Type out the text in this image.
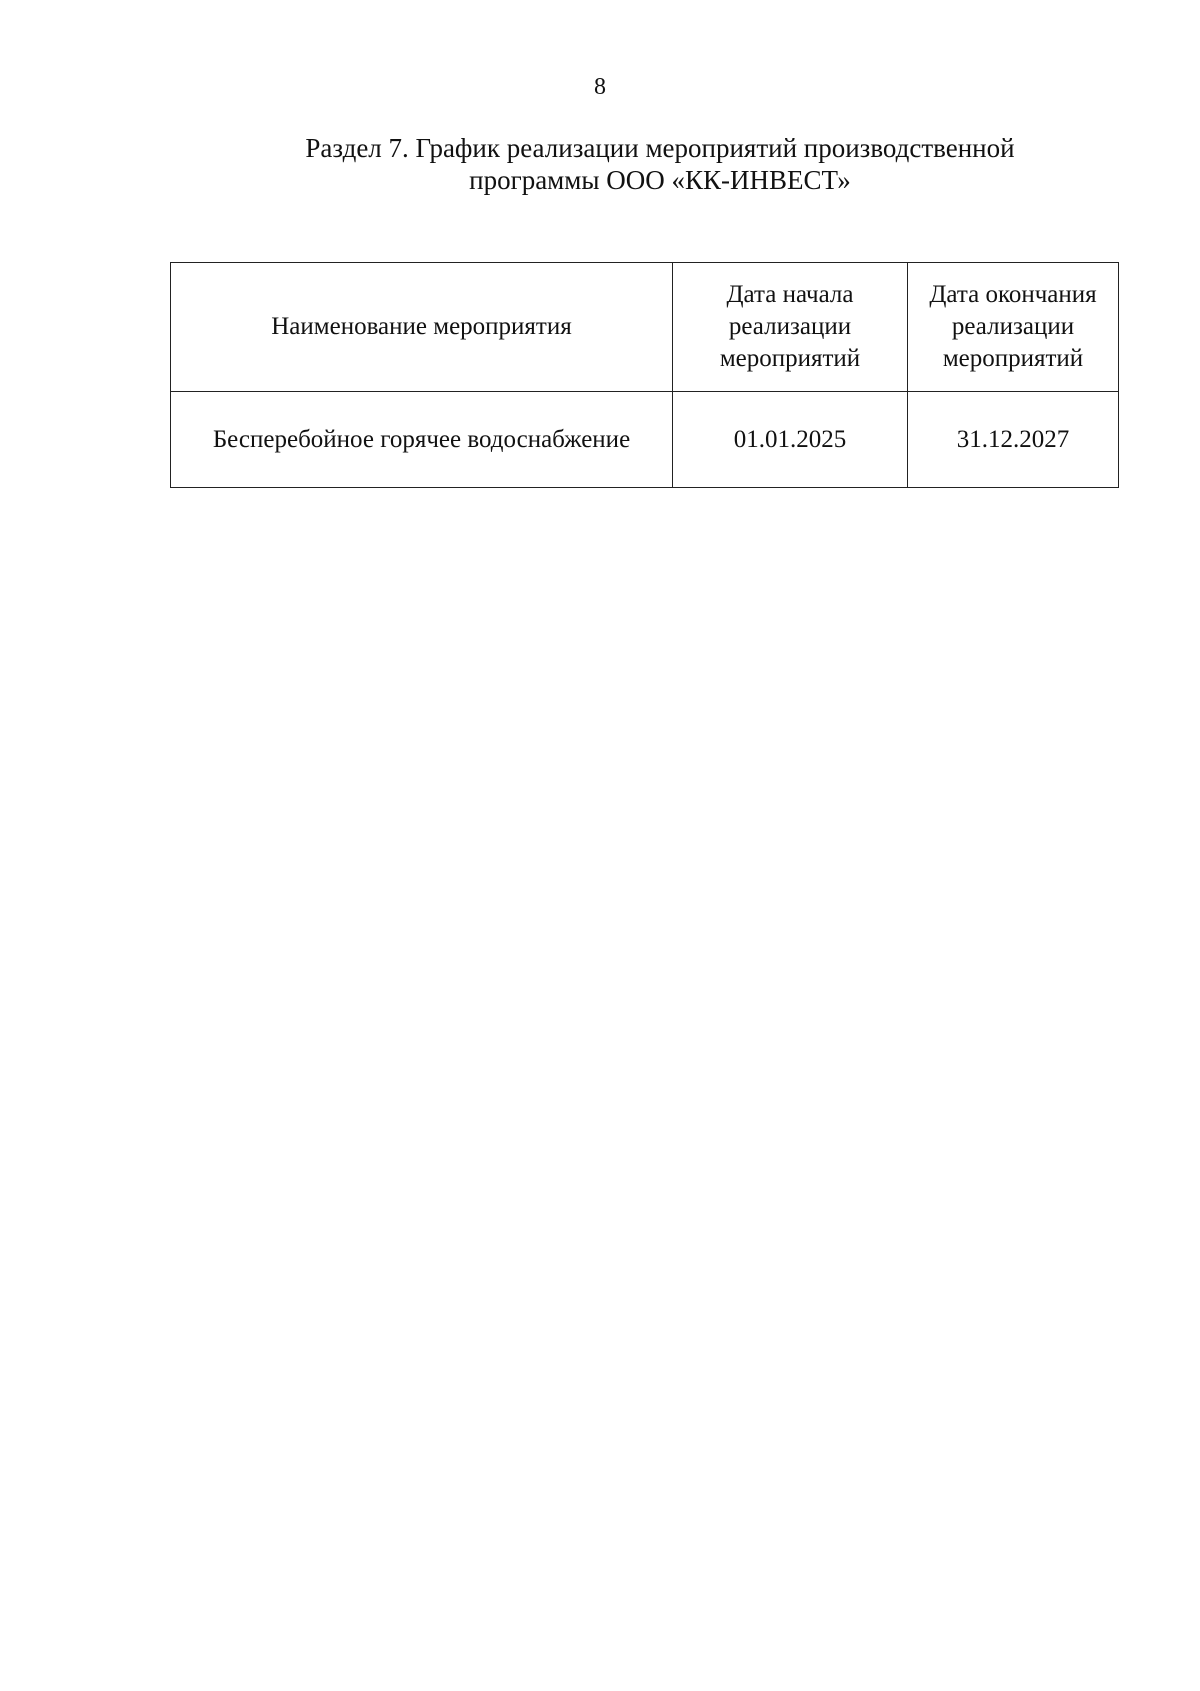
8
Раздел 7. График реализации мероприятий производственной
программы ООО «КК-ИНВЕСТ»
Наименование мероприятия	Дата начала реализации мероприятий	Дата окончания реализации мероприятий
Бесперебойное горячее водоснабжение	01.01.2025	31.12.2027
